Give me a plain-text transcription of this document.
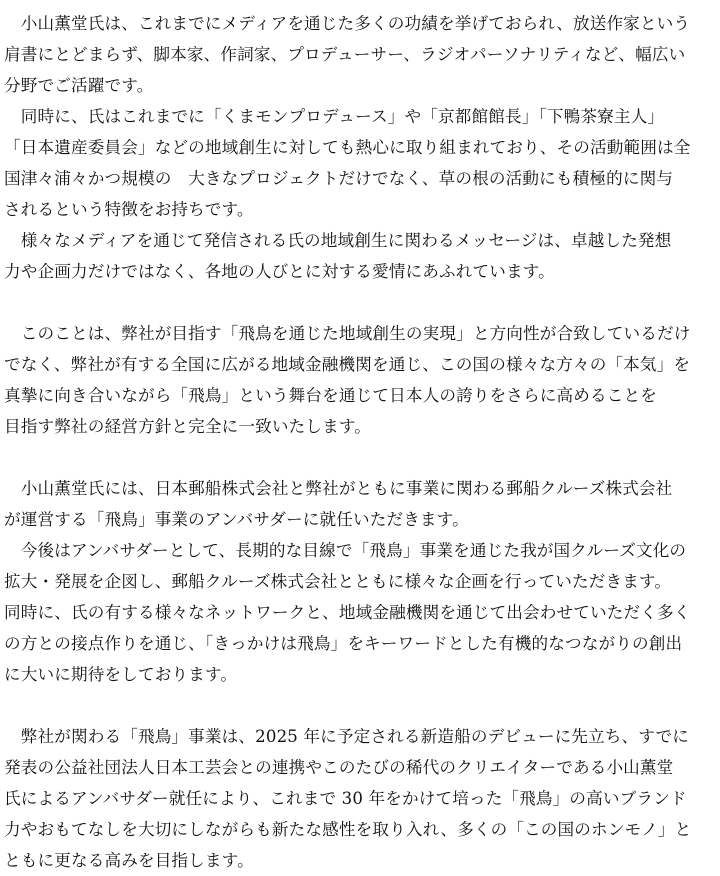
　小山薫堂氏は、これまでにメディアを通じた多くの功績を挙げておられ、放送作家という
肩書にとどまらず、脚本家、作詞家、プロデューサー、ラジオパーソナリティなど、幅広い
分野でご活躍です。
　同時に、氏はこれまでに「くまモンプロデュース」や「京都館館長」「下鴨茶寮主人」
「日本遺産委員会」などの地域創生に対しても熱心に取り組まれており、その活動範囲は全
国津々浦々かつ規模の　大きなプロジェクトだけでなく、草の根の活動にも積極的に関与
されるという特徴をお持ちです。
　様々なメディアを通じて発信される氏の地域創生に関わるメッセージは、卓越した発想
力や企画力だけではなく、各地の人びとに対する愛情にあふれています。
　このことは、弊社が目指す「飛鳥を通じた地域創生の実現」と方向性が合致しているだけ
でなく、弊社が有する全国に広がる地域金融機関を通じ、この国の様々な方々の「本気」を
真摯に向き合いながら「飛鳥」という舞台を通じて日本人の誇りをさらに高めることを
目指す弊社の経営方針と完全に一致いたします。
　小山薫堂氏には、日本郵船株式会社と弊社がともに事業に関わる郵船クルーズ株式会社
が運営する「飛鳥」事業のアンバサダーに就任いただきます。
　今後はアンバサダーとして、長期的な目線で「飛鳥」事業を通じた我が国クルーズ文化の
拡大・発展を企図し、郵船クルーズ株式会社とともに様々な企画を行っていただきます。
同時に、氏の有する様々なネットワークと、地域金融機関を通じて出会わせていただく多く
の方との接点作りを通じ、「きっかけは飛鳥」をキーワードとした有機的なつながりの創出
に大いに期待をしております。
　弊社が関わる「飛鳥」事業は、2025 年に予定される新造船のデビューに先立ち、すでに
発表の公益社団法人日本工芸会との連携やこのたびの稀代のクリエイターである小山薫堂
氏によるアンバサダー就任により、これまで 30 年をかけて培った「飛鳥」の高いブランド
力やおもてなしを大切にしながらも新たな感性を取り入れ、多くの「この国のホンモノ」と
ともに更なる高みを目指します。
